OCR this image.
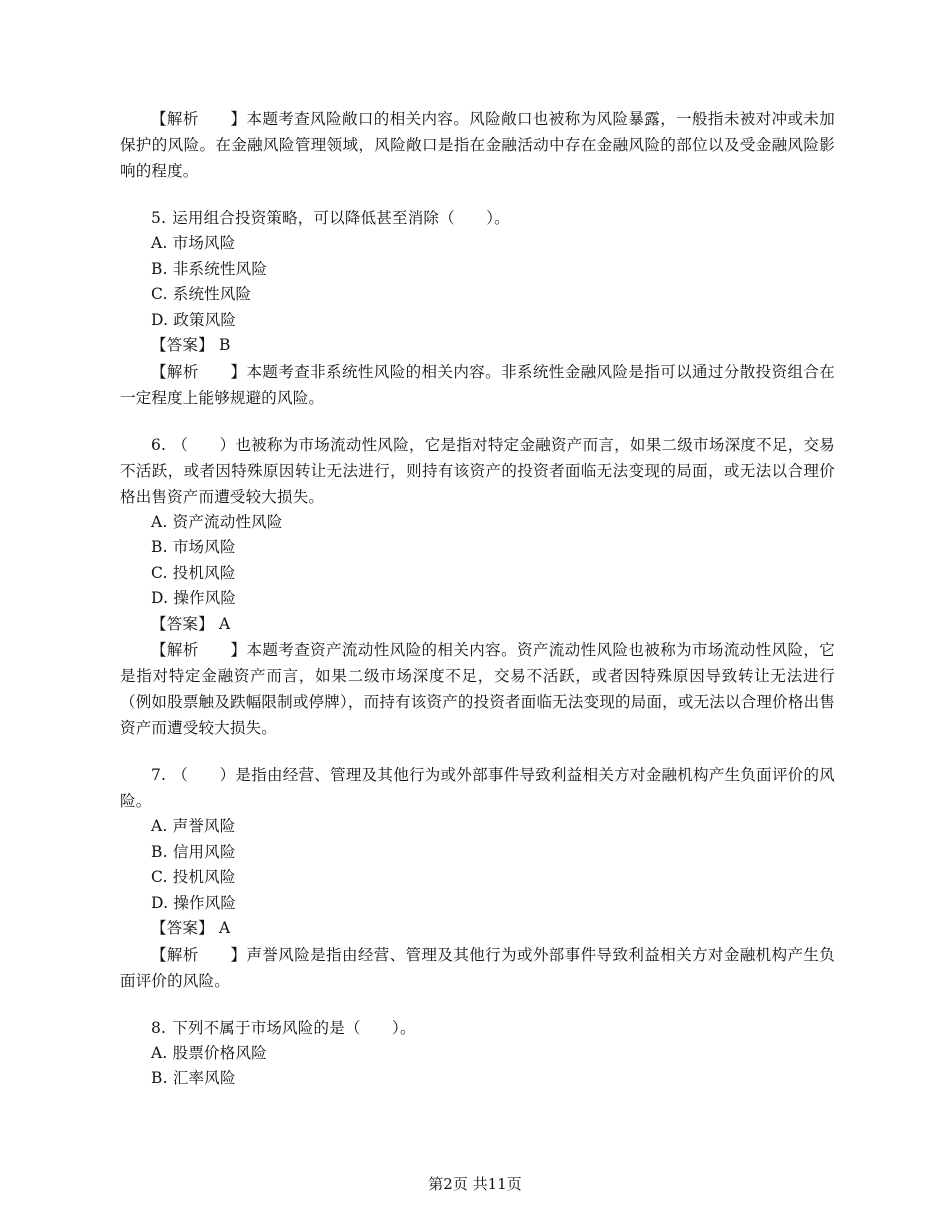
【解析　　】本题考查风险敞口的相关内容。风险敞口也被称为风险暴露，一般指未被对冲或未加保护的风险。在金融风险管理领域，风险敞口是指在金融活动中存在金融风险的部位以及受金融风险影响的程度。

5. 运用组合投资策略，可以降低甚至消除（　　）。

A. 市场风险

B. 非系统性风险

C. 系统性风险

D. 政策风险

【答案】 B

【解析　　】本题考查非系统性风险的相关内容。非系统性金融风险是指可以通过分散投资组合在一定程度上能够规避的风险。

6. （　　）也被称为市场流动性风险，它是指对特定金融资产而言，如果二级市场深度不足，交易不活跃，或者因特殊原因转让无法进行，则持有该资产的投资者面临无法变现的局面，或无法以合理价格出售资产而遭受较大损失。

A. 资产流动性风险

B. 市场风险

C. 投机风险

D. 操作风险

【答案】 A

【解析　　】本题考查资产流动性风险的相关内容。资产流动性风险也被称为市场流动性风险，它是指对特定金融资产而言，如果二级市场深度不足，交易不活跃，或者因特殊原因导致转让无法进行（例如股票触及跌幅限制或停牌），而持有该资产的投资者面临无法变现的局面，或无法以合理价格出售资产而遭受较大损失。

7. （　　）是指由经营、管理及其他行为或外部事件导致利益相关方对金融机构产生负面评价的风险。

A. 声誉风险

B. 信用风险

C. 投机风险

D. 操作风险

【答案】 A

【解析　　】声誉风险是指由经营、管理及其他行为或外部事件导致利益相关方对金融机构产生负面评价的风险。

8. 下列不属于市场风险的是（　　）。

A. 股票价格风险

B. 汇率风险

第2页 共11页
